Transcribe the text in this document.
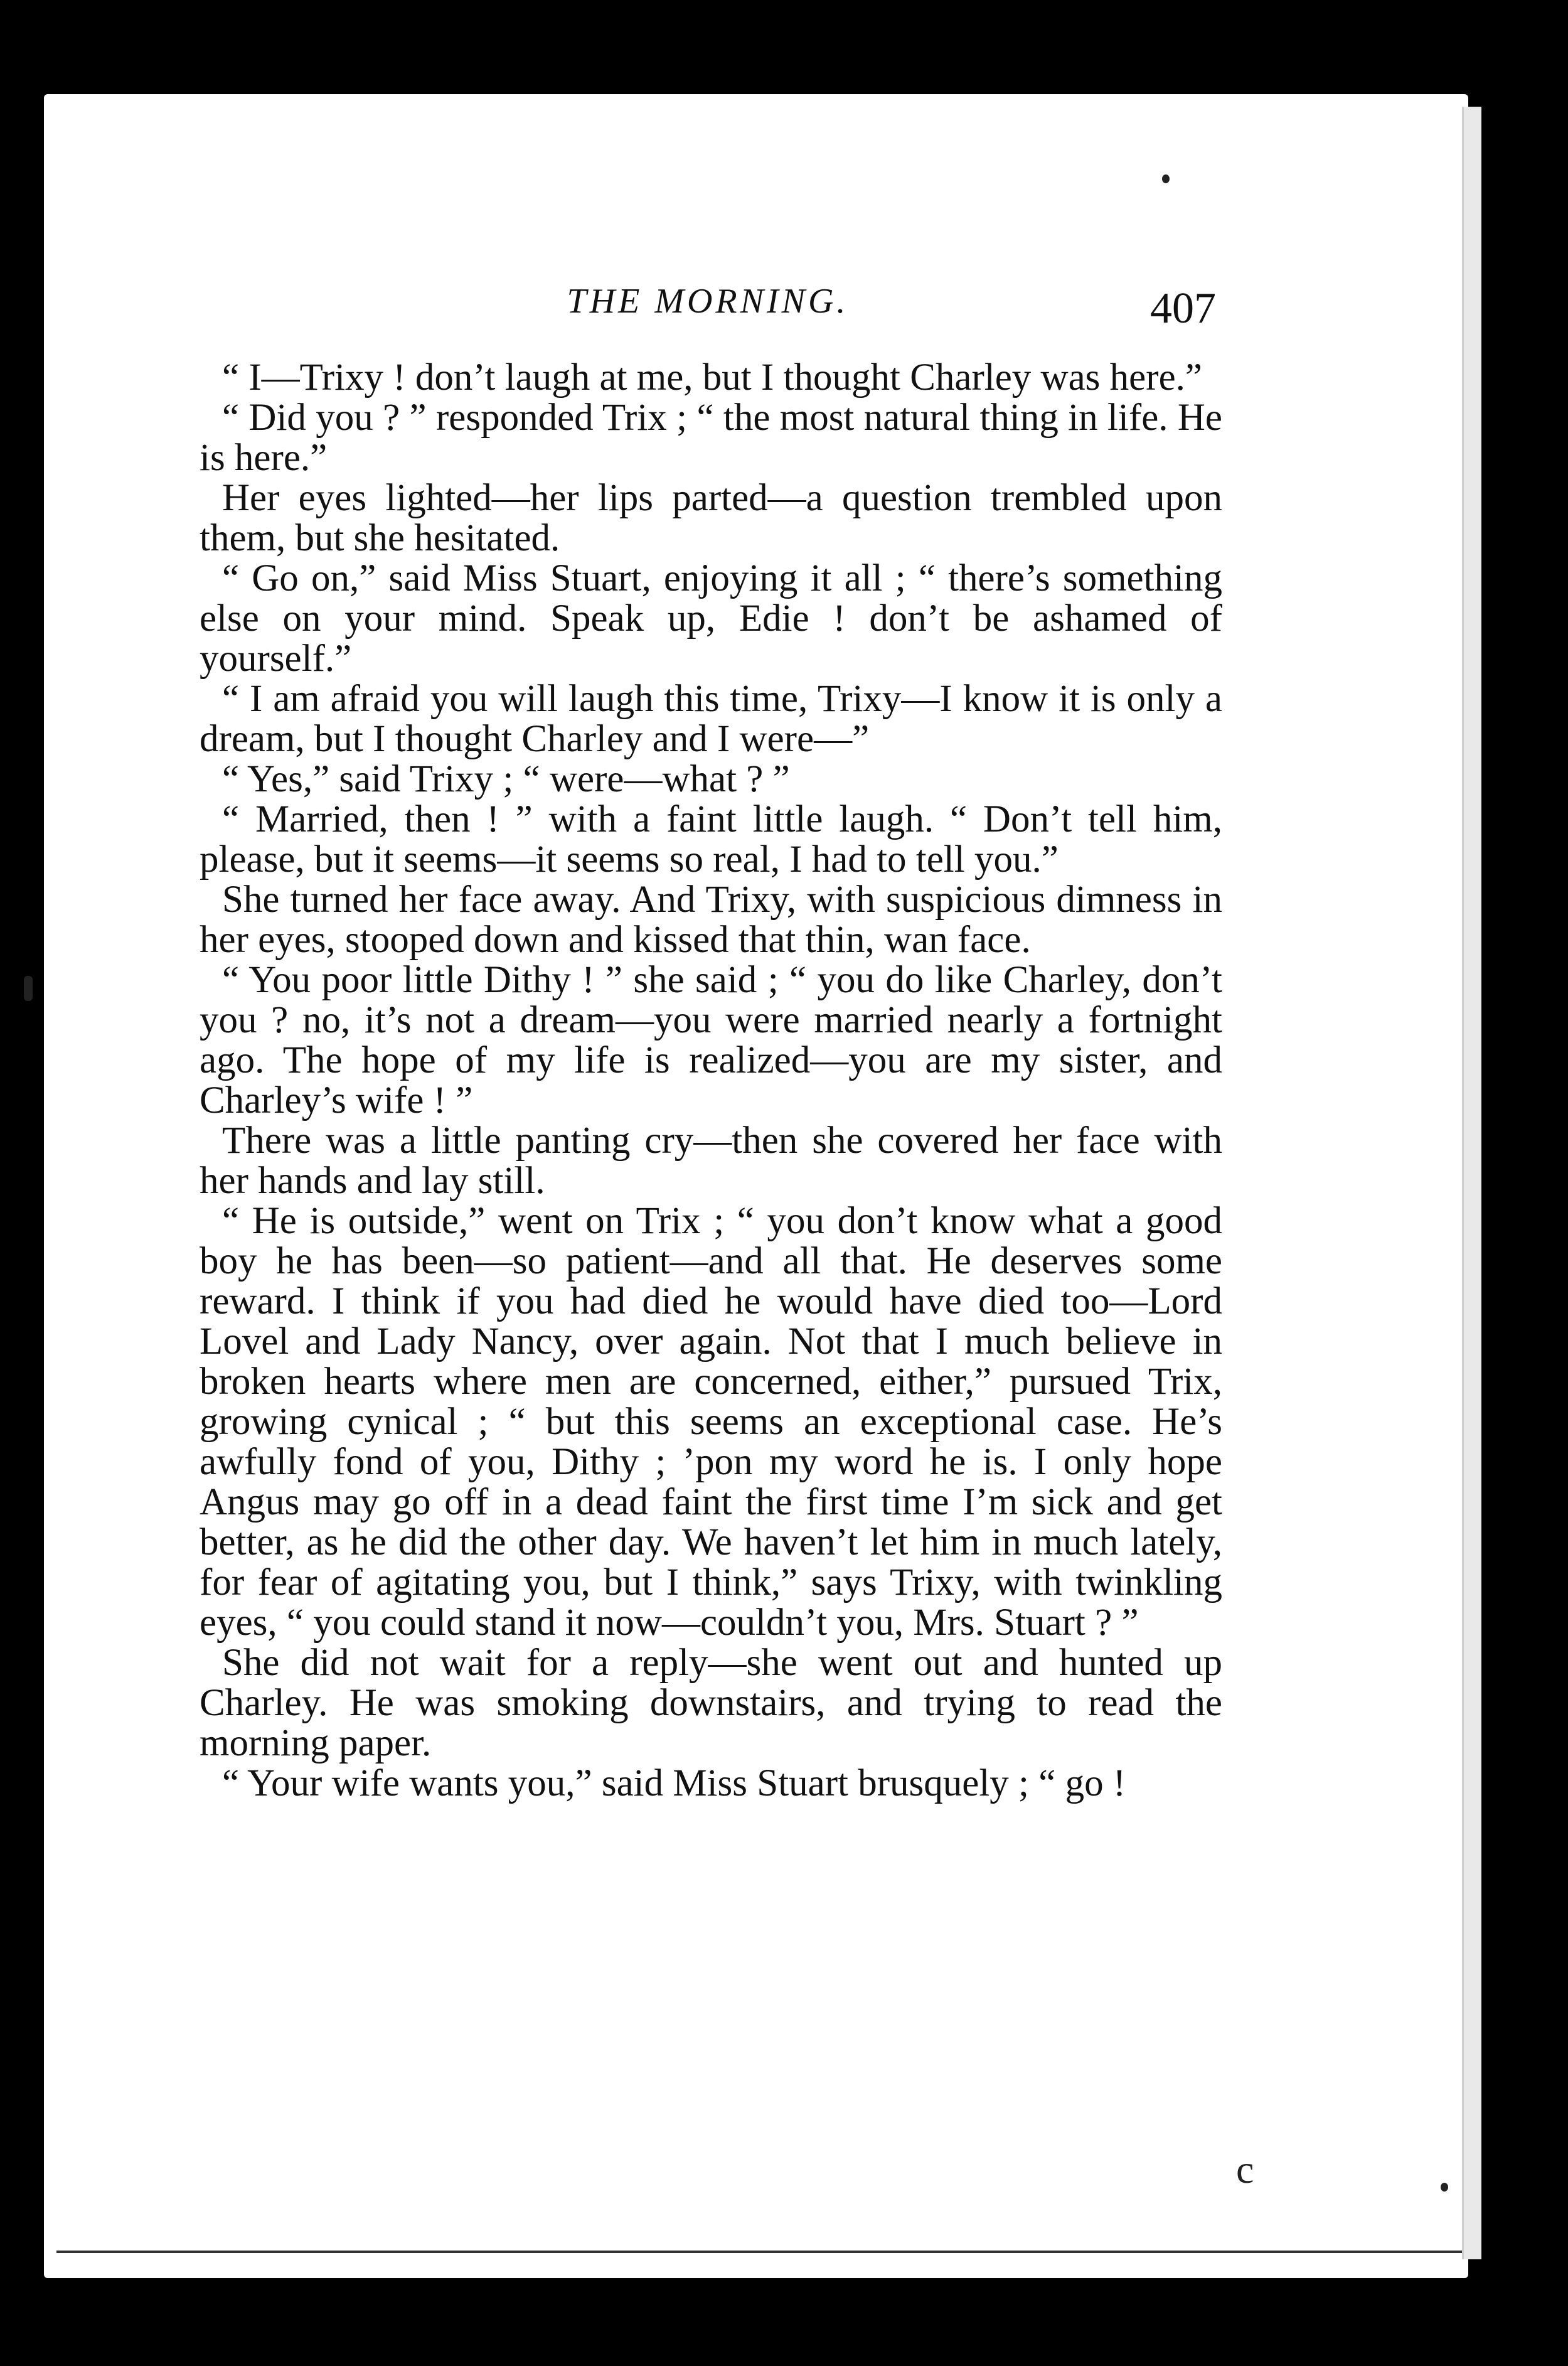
THE MORNING.	407

“ I—Trixy ! don’t laugh at me, but I thought Charley was here.”

“ Did you ? ” responded Trix ; “ the most natural thing in life. He is here.”

Her eyes lighted—her lips parted—a question trembled upon them, but she hesitated.

“ Go on,” said Miss Stuart, enjoying it all ; “ there’s something else on your mind. Speak up, Edie ! don’t be ashamed of yourself.”

“ I am afraid you will laugh this time, Trixy—I know it is only a dream, but I thought Charley and I were—”

“ Yes,” said Trixy ; “ were—what ? ”

“ Married, then ! ” with a faint little laugh. “ Don’t tell him, please, but it seems—it seems so real, I had to tell you.”

She turned her face away. And Trixy, with suspicious dimness in her eyes, stooped down and kissed that thin, wan face.

“ You poor little Dithy ! ” she said ; “ you do like Charley, don’t you ? no, it’s not a dream—you were married nearly a fortnight ago. The hope of my life is realized—you are my sister, and Charley’s wife ! ”

There was a little panting cry—then she covered her face with her hands and lay still.

“ He is outside,” went on Trix ; “ you don’t know what a good boy he has been—so patient—and all that. He deserves some reward. I think if you had died he would have died too—Lord Lovel and Lady Nancy, over again. Not that I much believe in broken hearts where men are concerned, either,” pursued Trix, growing cynical ; “ but this seems an exceptional case. He’s awfully fond of you, Dithy ; ’pon my word he is. I only hope Angus may go off in a dead faint the first time I’m sick and get better, as he did the other day. We haven’t let him in much lately, for fear of agitating you, but I think,” says Trixy, with twinkling eyes, “ you could stand it now—couldn’t you, Mrs. Stuart ? ”

She did not wait for a reply—she went out and hunted up Charley. He was smoking downstairs, and trying to read the morning paper.

“ Your wife wants you,” said Miss Stuart brusquely ; “ go !

c
